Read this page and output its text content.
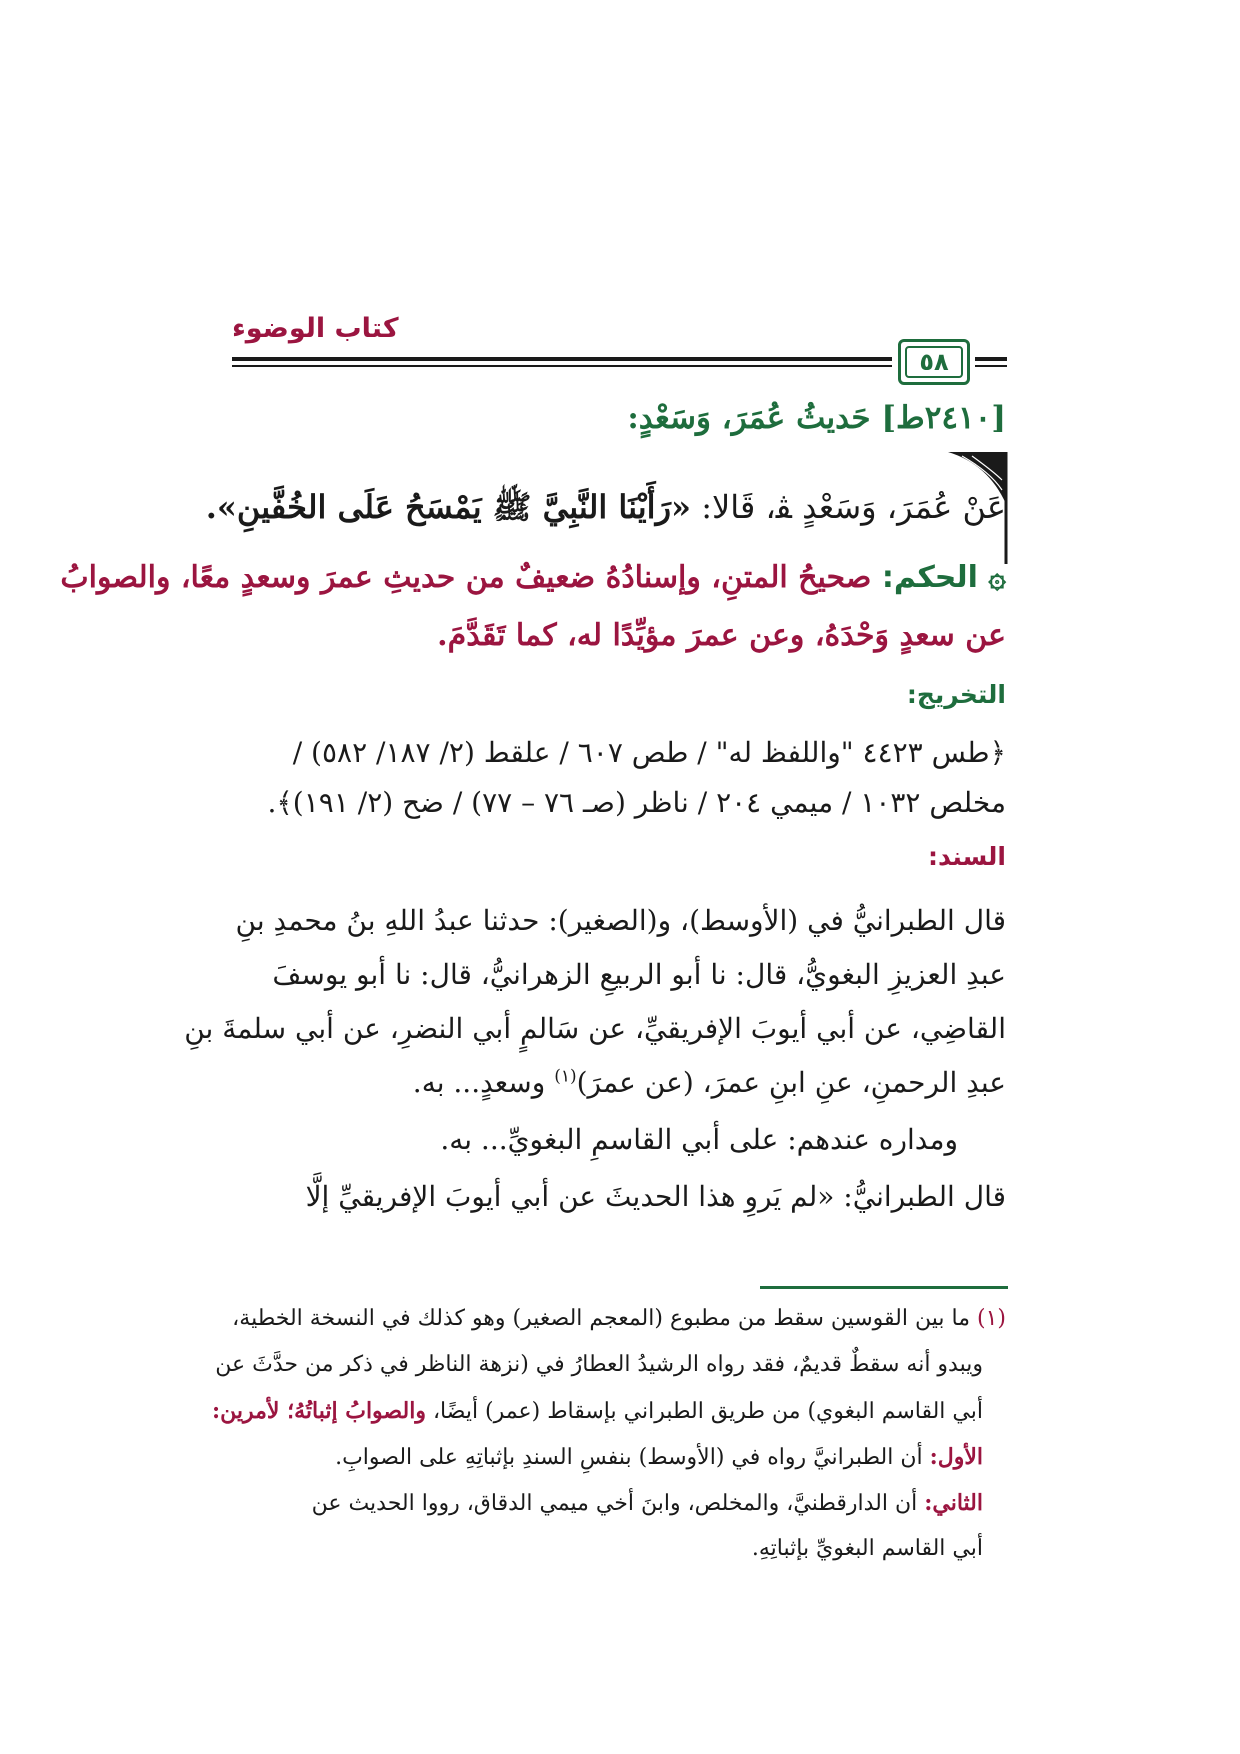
كتاب الوضوء
٥٨
[٢٤١٠ط] حَديثُ عُمَرَ، وَسَعْدٍ:
عَنْ عُمَرَ، وَسَعْدٍ ﭭ، قَالا: «رَأَيْنَا النَّبِيَّ ﷺ يَمْسَحُ عَلَى الخُفَّينِ».
۞ الحكم: صحيحُ المتنِ، وإسنادُهُ ضعيفٌ من حديثِ عمرَ وسعدٍ معًا، والصوابُ
عن سعدٍ وَحْدَهُ، وعن عمرَ مؤيِّدًا له، كما تَقَدَّمَ.
التخريج:
﴿طس ٤٤٢٣ "واللفظ له" / طص ٦٠٧ / علقط (٢/ ١٨٧/ ٥٨٢) /
مخلص ١٠٣٢ / ميمي ٢٠٤ / ناظر (صـ ٧٦ – ٧٧) / ضح (٢/ ١٩١)﴾.
السند:
قال الطبرانيُّ في (الأوسط)، و(الصغير): حدثنا عبدُ اللهِ بنُ محمدِ بنِ
عبدِ العزيزِ البغويُّ، قال: نا أبو الربيعِ الزهرانيُّ، قال: نا أبو يوسفَ
القاضِي، عن أبي أيوبَ الإفريقيِّ، عن سَالمٍ أبي النضرِ، عن أبي سلمةَ بنِ
عبدِ الرحمنِ، عنِ ابنِ عمرَ، (عن عمرَ)$^{(١)}$ وسعدٍ... به.
ومداره عندهم: على أبي القاسمِ البغويِّ... به.
قال الطبرانيُّ: «لم يَروِ هذا الحديثَ عن أبي أيوبَ الإفريقيِّ إلَّا
(١) ما بين القوسين سقط من مطبوع (المعجم الصغير) وهو كذلك في النسخة الخطية،
ويبدو أنه سقطٌ قديمٌ، فقد رواه الرشيدُ العطارُ في (نزهة الناظر في ذكر من حدَّثَ عن
أبي القاسم البغوي) من طريق الطبراني بإسقاط (عمر) أيضًا، والصوابُ إثباتُهُ؛ لأمرين:
الأول: أن الطبرانيَّ رواه في (الأوسط) بنفسِ السندِ بإثباتِهِ على الصوابِ.
الثاني: أن الدارقطنيَّ، والمخلص، وابنَ أخي ميمي الدقاق، رووا الحديث عن
أبي القاسم البغويِّ بإثباتِهِ.
